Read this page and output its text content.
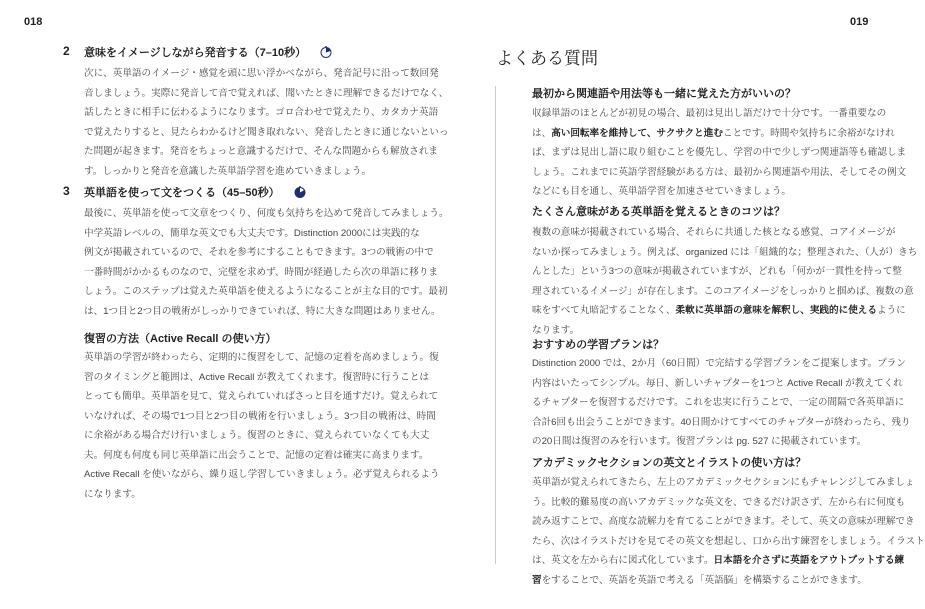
018
2 意味をイメージしながら発音する（7–10秒）
次に、英単語のイメージ・感覚を頭に思い浮かべながら、発音記号に沿って数回発
音しましょう。実際に発音して音で覚えれば、聞いたときに理解できるだけでなく、
話したときに相手に伝わるようになります。ゴロ合わせで覚えたり、カタカナ英語
で覚えたりすると、見たらわかるけど聞き取れない、発音したときに通じないといっ
た問題が起きます。発音をちょっと意識するだけで、そんな問題からも解放されま
す。しっかりと発音を意識した英単語学習を進めていきましょう。
3 英単語を使って文をつくる（45–50秒）
最後に、英単語を使って文章をつくり、何度も気持ちを込めて発音してみましょう。
中学英語レベルの、簡単な英文でも大丈夫です。Distinction 2000には実践的な
例文が掲載されているので、それを参考にすることもできます。3つの戦術の中で
一番時間がかかるものなので、完璧を求めず、時間が経過したら次の単語に移りま
しょう。このステップは覚えた英単語を使えるようになることが主な目的です。最初
は、1つ目と2つ目の戦術がしっかりできていれば、特に大きな問題はありません。
復習の方法（Active Recall の使い方）
英単語の学習が終わったら、定期的に復習をして、記憶の定着を高めましょう。復
習のタイミングと範囲は、Active Recall が教えてくれます。復習時に行うことは
とっても簡単。英単語を見て、覚えられていればさっと目を通すだけ。覚えられて
いなければ、その場で1つ目と2つ目の戦術を行いましょう。3つ目の戦術は、時間
に余裕がある場合だけ行いましょう。復習のときに、覚えられていなくても大丈
夫。何度も何度も同じ英単語に出会うことで、記憶の定着は確実に高まります。
Active Recall を使いながら、繰り返し学習していきましょう。必ず覚えられるよう
になります。
019
よくある質問
最初から関連語や用法等も一緒に覚えた方がいいの？
収録単語のほとんどが初見の場合、最初は見出し語だけで十分です。一番重要なの
は、高い回転率を維持して、サクサクと進むことです。時間や気持ちに余裕がなけれ
ば、まずは見出し語に取り組むことを優先し、学習の中で少しずつ関連語等も確認しま
しょう。これまでに英語学習経験がある方は、最初から関連語や用法、そしてその例文
などにも目を通し、英単語学習を加速させていきましょう。
たくさん意味がある英単語を覚えるときのコツは？
複数の意味が掲載されている場合、それらに共通した核となる感覚、コアイメージが
ないか探ってみましょう。例えば、organized には「組織的な；整理された、（人が）きち
んとした」という3つの意味が掲載されていますが、どれも「何かが一貫性を持って整
理されているイメージ」が存在します。このコアイメージをしっかりと掴めば、複数の意
味をすべて丸暗記することなく、柔軟に英単語の意味を解釈し、実践的に使えるように
なります。
おすすめの学習プランは？
Distinction 2000 では、2か月（60日間）で完結する学習プランをご提案します。プラン
内容はいたってシンプル。毎日、新しいチャプターを1つと Active Recall が教えてくれ
るチャプターを復習するだけです。これを忠実に行うことで、一定の間隔で各英単語に
合計6回も出会うことができます。40日間かけてすべてのチャプターが終わったら、残り
の20日間は復習のみを行います。復習プランは pg. 527 に掲載されています。
アカデミックセクションの英文とイラストの使い方は？
英単語が覚えられてきたら、左上のアカデミックセクションにもチャレンジしてみましょ
う。比較的難易度の高いアカデミックな英文を、できるだけ訳さず、左から右に何度も
読み返すことで、高度な読解力を育てることができます。そして、英文の意味が理解でき
たら、次はイラストだけを見てその英文を想起し、口から出す練習をしましょう。イラスト
は、英文を左から右に図式化しています。日本語を介さずに英語をアウトプットする練
習をすることで、英語を英語で考える「英語脳」を構築することができます。
